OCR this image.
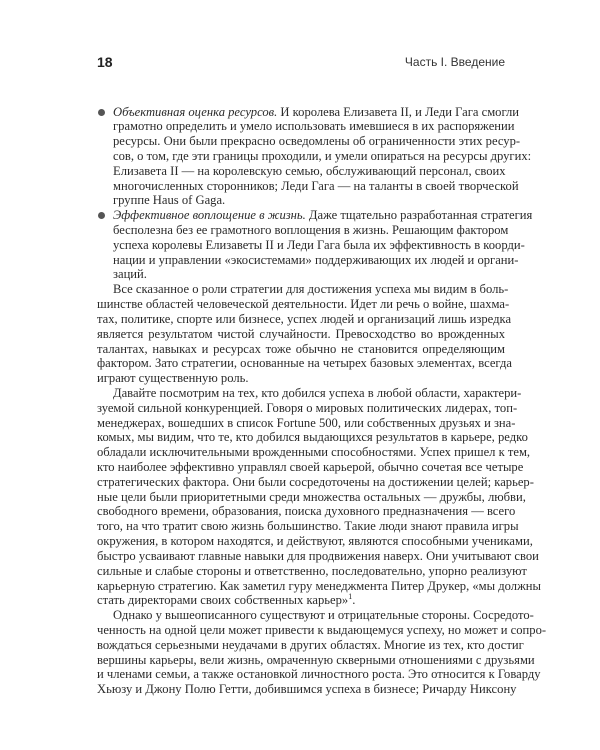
18	Часть I. Введение
Объективная оценка ресурсов. И королева Елизавета II, и Леди Гага смогли
грамотно определить и умело использовать имевшиеся в их распоряжении
ресурсы. Они были прекрасно осведомлены об ограниченности этих ресур-
сов, о том, где эти границы проходили, и умели опираться на ресурсы других:
Елизавета II — на королевскую семью, обслуживающий персонал, своих
многочисленных сторонников; Леди Гага — на таланты в своей творческой
группе Haus of Gaga.
Эффективное воплощение в жизнь. Даже тщательно разработанная стратегия
бесполезна без ее грамотного воплощения в жизнь. Решающим фактором
успеха королевы Елизаветы II и Леди Гага была их эффективность в коорди-
нации и управлении «экосистемами» поддерживающих их людей и органи-
заций.
Все сказанное о роли стратегии для достижения успеха мы видим в боль-
шинстве областей человеческой деятельности. Идет ли речь о войне, шахма-
тах, политике, спорте или бизнесе, успех людей и организаций лишь изредка
является результатом чистой случайности. Превосходство во врожденных
талантах, навыках и ресурсах тоже обычно не становится определяющим
фактором. Зато стратегии, основанные на четырех базовых элементах, всегда
играют существенную роль.
Давайте посмотрим на тех, кто добился успеха в любой области, характери-
зуемой сильной конкуренцией. Говоря о мировых политических лидерах, топ-
менеджерах, вошедших в список Fortune 500, или собственных друзьях и зна-
комых, мы видим, что те, кто добился выдающихся результатов в карьере, редко
обладали исключительными врожденными способностями. Успех пришел к тем,
кто наиболее эффективно управлял своей карьерой, обычно сочетая все четыре
стратегических фактора. Они были сосредоточены на достижении целей; карьер-
ные цели были приоритетными среди множества остальных — дружбы, любви,
свободного времени, образования, поиска духовного предназначения — всего
того, на что тратит свою жизнь большинство. Такие люди знают правила игры
окружения, в котором находятся, и действуют, являются способными учениками,
быстро усваивают главные навыки для продвижения наверх. Они учитывают свои
сильные и слабые стороны и ответственно, последовательно, упорно реализуют
карьерную стратегию. Как заметил гуру менеджмента Питер Друкер, «мы должны
стать директорами своих собственных карьер»$^1$.
Однако у вышеописанного существуют и отрицательные стороны. Сосредото-
ченность на одной цели может привести к выдающемуся успеху, но может и сопро-
вождаться серьезными неудачами в других областях. Многие из тех, кто достиг
вершины карьеры, вели жизнь, омраченную скверными отношениями с друзьями
и членами семьи, а также остановкой личностного роста. Это относится к Говарду
Хьюзу и Джону Полю Гетти, добившимся успеха в бизнесе; Ричарду Никсону
